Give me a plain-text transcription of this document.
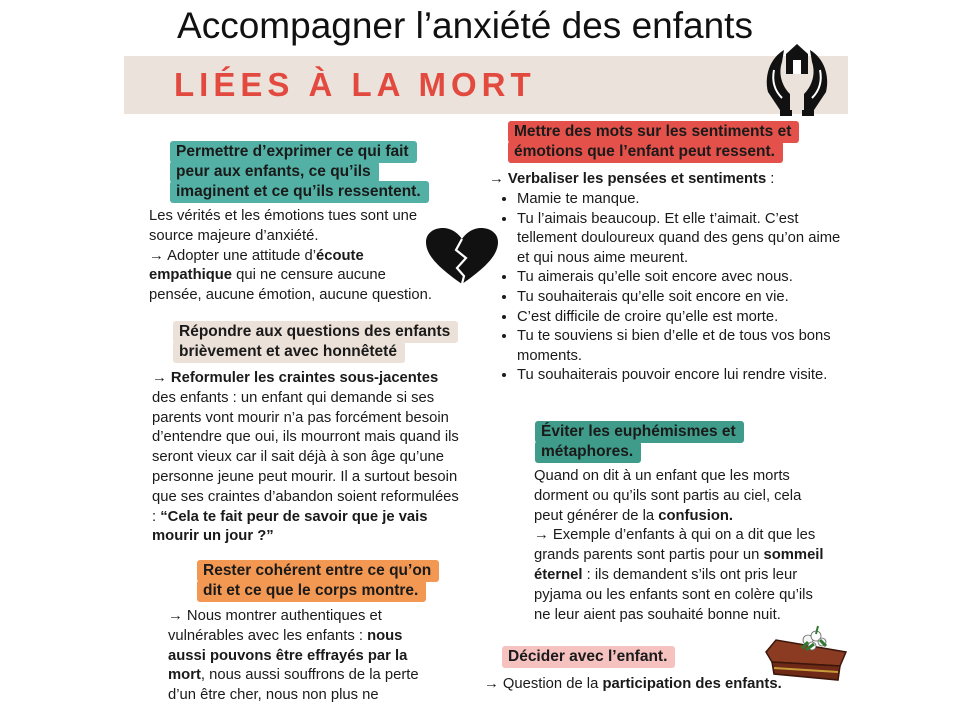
Accompagner l’anxiété des enfants
LIÉES À LA MORT
Permettre d’exprimer ce qui fait
peur aux enfants, ce qu’ils
imaginent et ce qu’ils ressentent.
Les vérités et les émotions tues sont une
source majeure d’anxiété.
→ Adopter une attitude d’écoute
empathique qui ne censure aucune
pensée, aucune émotion, aucune question.
Répondre aux questions des enfants
brièvement et avec honnêteté
→ Reformuler les craintes sous-jacentes
des enfants : un enfant qui demande si ses
parents vont mourir n’a pas forcément besoin
d’entendre que oui, ils mourront mais quand ils
seront vieux car il sait déjà à son âge qu’une
personne jeune peut mourir. Il a surtout besoin
que ses craintes d’abandon soient reformulées
: “Cela te fait peur de savoir que je vais
mourir un jour ?”
Rester cohérent entre ce qu’on
dit et ce que le corps montre.
→ Nous montrer authentiques et
vulnérables avec les enfants : nous
aussi pouvons être effrayés par la
mort, nous aussi souffrons de la perte
d’un être cher, nous non plus ne
Mettre des mots sur les sentiments et
émotions que l’enfant peut ressent.
→ Verbaliser les pensées et sentiments :
• Mamie te manque.
• Tu l’aimais beaucoup. Et elle t’aimait. C’est tellement douloureux quand des gens qu’on aime et qui nous aime meurent.
• Tu aimerais qu’elle soit encore avec nous.
• Tu souhaiterais qu’elle soit encore en vie.
• C’est difficile de croire qu’elle est morte.
• Tu te souviens si bien d’elle et de tous vos bons moments.
• Tu souhaiterais pouvoir encore lui rendre visite.
Éviter les euphémismes et
métaphores.
Quand on dit à un enfant que les morts
dorment ou qu’ils sont partis au ciel, cela
peut générer de la confusion.
→ Exemple d’enfants à qui on a dit que les
grands parents sont partis pour un sommeil
éternel : ils demandent s’ils ont pris leur
pyjama ou les enfants sont en colère qu’ils
ne leur aient pas souhaité bonne nuit.
Décider avec l’enfant.
→ Question de la participation des enfants.
